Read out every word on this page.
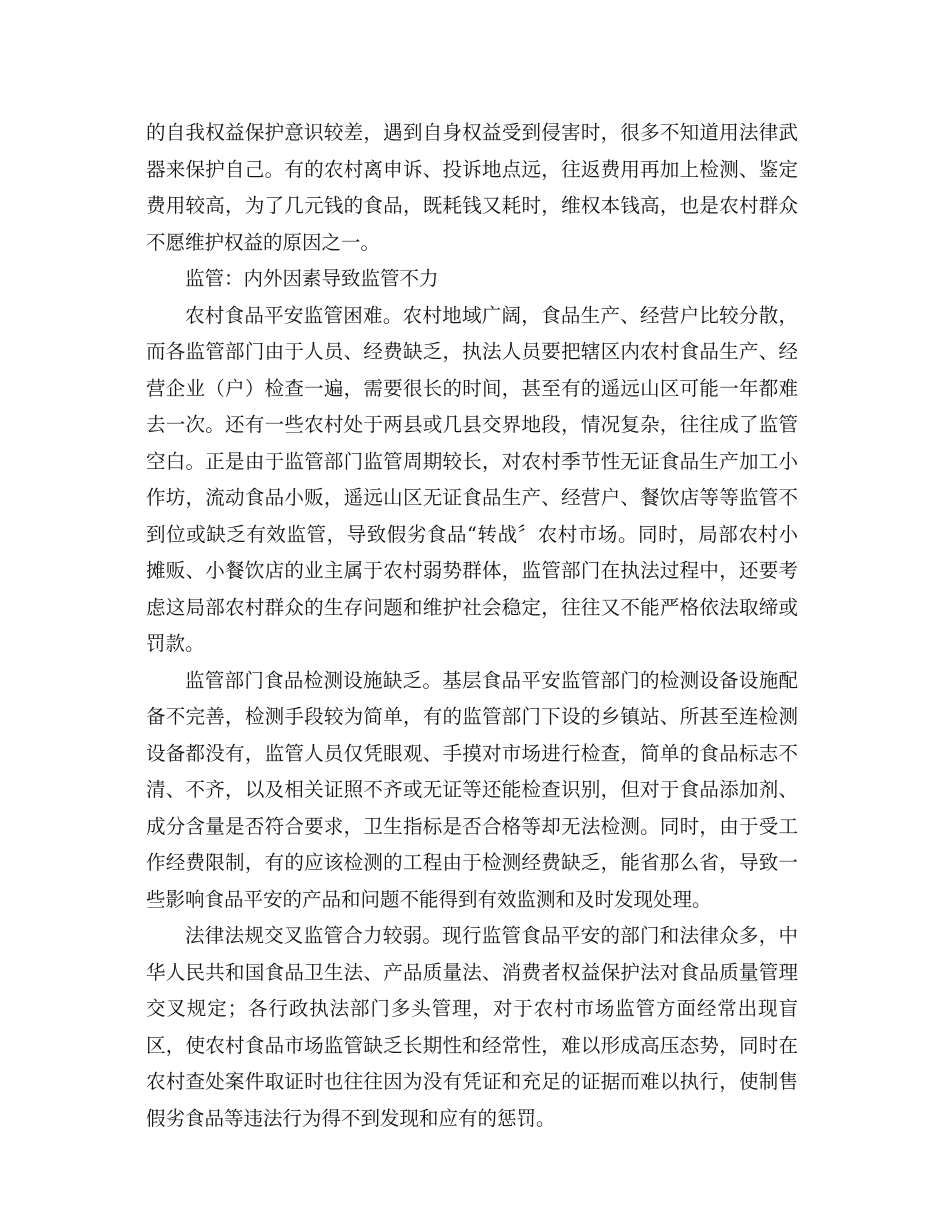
的自我权益保护意识较差，遇到自身权益受到侵害时，很多不知道用法律武器来保护自己。有的农村离申诉、投诉地点远，往返费用再加上检测、鉴定费用较高，为了几元钱的食品，既耗钱又耗时，维权本钱高，也是农村群众不愿维护权益的原因之一。

监管：内外因素导致监管不力

农村食品平安监管困难。农村地域广阔，食品生产、经营户比较分散，而各监管部门由于人员、经费缺乏，执法人员要把辖区内农村食品生产、经营企业（户）检查一遍，需要很长的时间，甚至有的遥远山区可能一年都难去一次。还有一些农村处于两县或几县交界地段，情况复杂，往往成了监管空白。正是由于监管部门监管周期较长，对农村季节性无证食品生产加工小作坊，流动食品小贩，遥远山区无证食品生产、经营户、餐饮店等等监管不到位或缺乏有效监管，导致假劣食品“转战〞农村市场。同时，局部农村小摊贩、小餐饮店的业主属于农村弱势群体，监管部门在执法过程中，还要考虑这局部农村群众的生存问题和维护社会稳定，往往又不能严格依法取缔或罚款。

监管部门食品检测设施缺乏。基层食品平安监管部门的检测设备设施配备不完善，检测手段较为简单，有的监管部门下设的乡镇站、所甚至连检测设备都没有，监管人员仅凭眼观、手摸对市场进行检查，简单的食品标志不清、不齐，以及相关证照不齐或无证等还能检查识别，但对于食品添加剂、成分含量是否符合要求，卫生指标是否合格等却无法检测。同时，由于受工作经费限制，有的应该检测的工程由于检测经费缺乏，能省那么省，导致一些影响食品平安的产品和问题不能得到有效监测和及时发现处理。

法律法规交叉监管合力较弱。现行监管食品平安的部门和法律众多，中华人民共和国食品卫生法、产品质量法、消费者权益保护法对食品质量管理交叉规定；各行政执法部门多头管理，对于农村市场监管方面经常出现盲区，使农村食品市场监管缺乏长期性和经常性，难以形成高压态势，同时在农村查处案件取证时也往往因为没有凭证和充足的证据而难以执行，使制售假劣食品等违法行为得不到发现和应有的惩罚。
